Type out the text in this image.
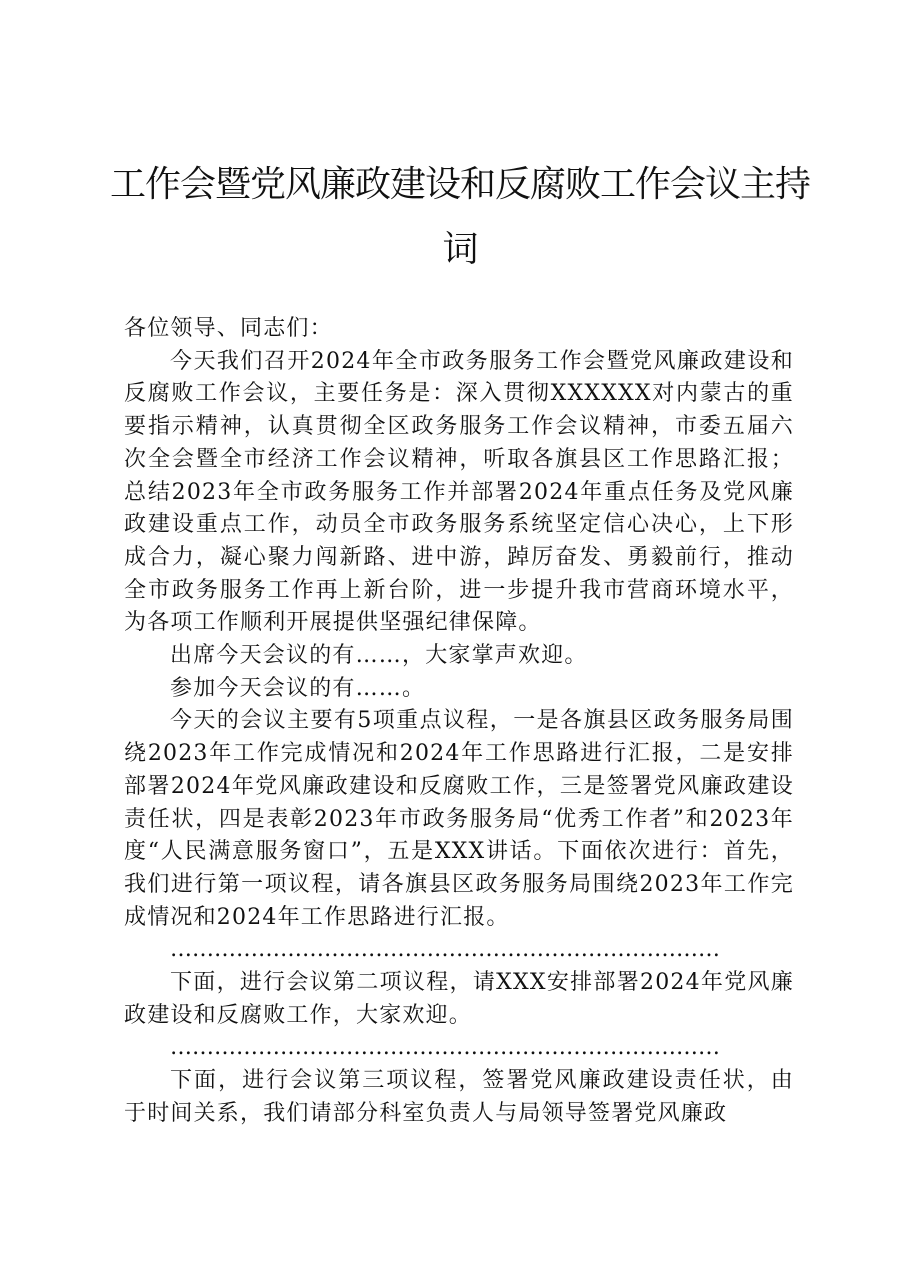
工作会暨党风廉政建设和反腐败工作会议主持
词

各位领导、同志们：

今天我们召开2024年全市政务服务工作会暨党风廉政建设和反腐败工作会议，主要任务是：深入贯彻XXXXXX对内蒙古的重要指示精神，认真贯彻全区政务服务工作会议精神，市委五届六次全会暨全市经济工作会议精神，听取各旗县区工作思路汇报；总结2023年全市政务服务工作并部署2024年重点任务及党风廉政建设重点工作，动员全市政务服务系统坚定信心决心，上下形成合力，凝心聚力闯新路、进中游，踔厉奋发、勇毅前行，推动全市政务服务工作再上新台阶，进一步提升我市营商环境水平，为各项工作顺利开展提供坚强纪律保障。

出席今天会议的有……，大家掌声欢迎。

参加今天会议的有……。

今天的会议主要有5项重点议程，一是各旗县区政务服务局围绕2023年工作完成情况和2024年工作思路进行汇报，二是安排部署2024年党风廉政建设和反腐败工作，三是签署党风廉政建设责任状，四是表彰2023年市政务服务局“优秀工作者”和2023年度“人民满意服务窗口”，五是XXX讲话。下面依次进行：首先，我们进行第一项议程，请各旗县区政务服务局围绕2023年工作完成情况和2024年工作思路进行汇报。

…………………………………………………………………

下面，进行会议第二项议程，请XXX安排部署2024年党风廉政建设和反腐败工作，大家欢迎。

…………………………………………………………………

下面，进行会议第三项议程，签署党风廉政建设责任状，由于时间关系，我们请部分科室负责人与局领导签署党风廉政
